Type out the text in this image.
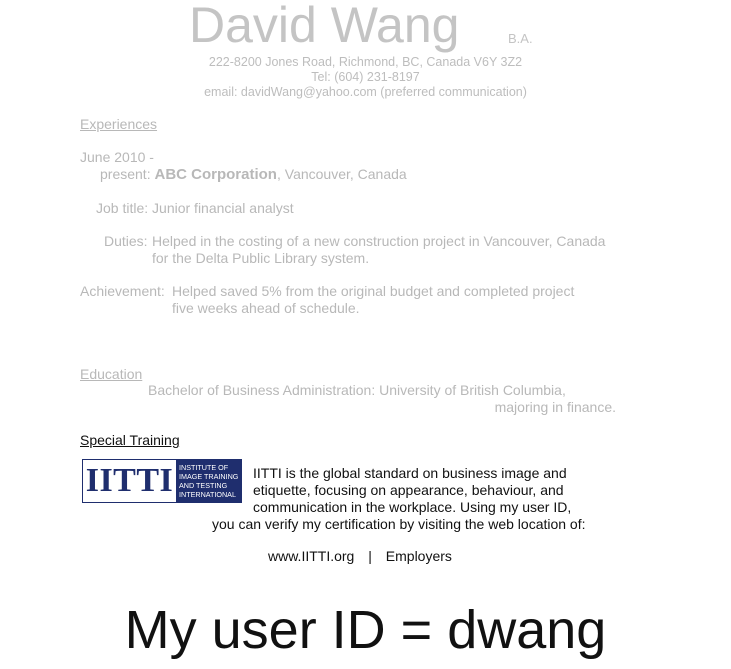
David Wang	B.A.
222-8200 Jones Road, Richmond, BC, Canada V6Y 3Z2
Tel: (604) 231-8197
email: davidWang@yahoo.com (preferred communication)
Experiences
June 2010 -
present: ABC Corporation, Vancouver, Canada
Job title: Junior financial analyst
Duties: Helped in the costing of a new construction project in Vancouver, Canada
for the Delta Public Library system.
Achievement: Helped saved 5% from the original budget and completed project
five weeks ahead of schedule.
Education
Bachelor of Business Administration: University of British Columbia,
majoring in finance.
Special Training
IITTI INSTITUTE OF IMAGE TRAINING AND TESTING INTERNATIONAL
IITTI is the global standard on business image and
etiquette, focusing on appearance, behaviour, and
communication in the workplace. Using my user ID,
you can verify my certification by visiting the web location of:
www.IITTI.org | Employers
My user ID = dwang
